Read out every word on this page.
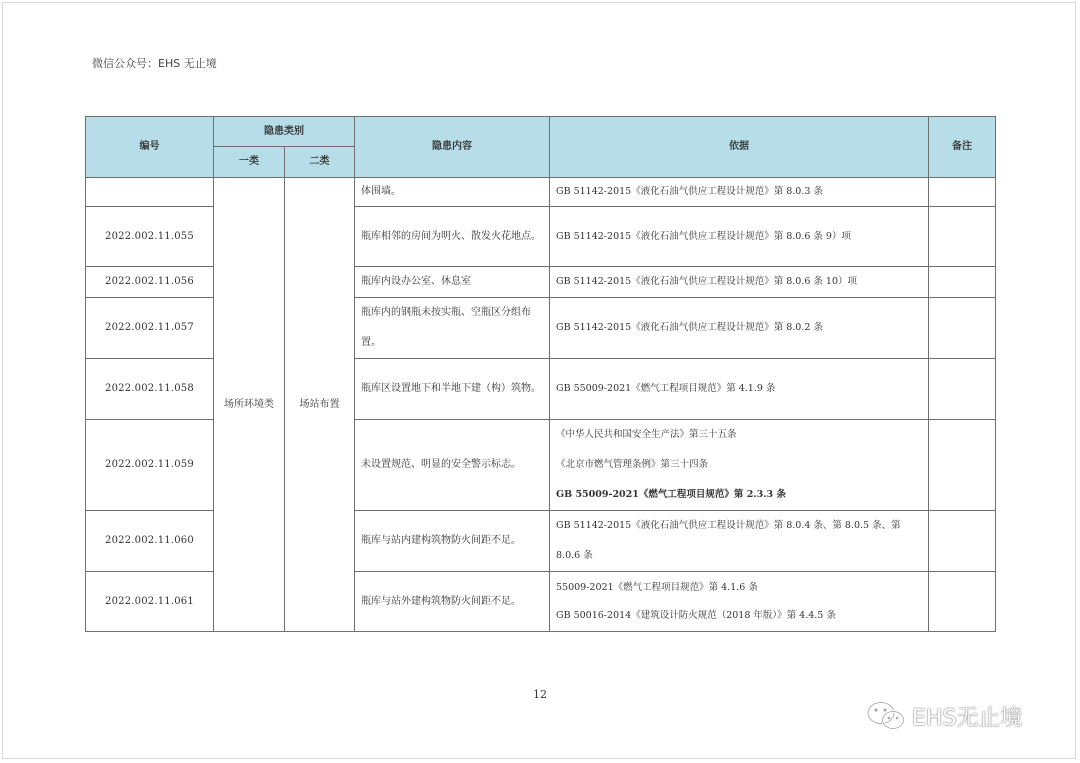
微信公众号：EHS 无止境
编号	隐患类别		隐患内容	依据	备注
	一类	二类			
	场所环境类	场站布置	体围墙。	GB 51142-2015《液化石油气供应工程设计规范》第 8.0.3 条	

2022.002.11.055			瓶库相邻的房间为明火、散发火花地点。	GB 51142-2015《液化石油气供应工程设计规范》第 8.0.6 条 9）项	

2022.002.11.056			瓶库内设办公室、休息室	GB 51142-2015《液化石油气供应工程设计规范》第 8.0.6 条 10）项	

2022.002.11.057			瓶库内的钢瓶未按实瓶、空瓶区分组布置。	GB 51142-2015《液化石油气供应工程设计规范》第 8.0.2 条	

2022.002.11.058			瓶库区设置地下和半地下建（构）筑物。	GB 55009-2021《燃气工程项目规范》第 4.1.9 条	

2022.002.11.059			未设置规范、明显的安全警示标志。	《中华人民共和国安全生产法》第三十五条
《北京市燃气管理条例》第三十四条
GB 55009-2021《燃气工程项目规范》第 2.3.3 条	

2022.002.11.060			瓶库与站内建构筑物防火间距不足。	GB 51142-2015《液化石油气供应工程设计规范》第 8.0.4 条、第 8.0.5 条、第 8.0.6 条	
2022.002.11.061			瓶库与站外建构筑物防火间距不足。	55009-2021《燃气工程项目规范》第 4.1.6 条
GB 50016-2014《建筑设计防火规范（2018 年版）》第 4.4.5 条	

12
EHS无止境
